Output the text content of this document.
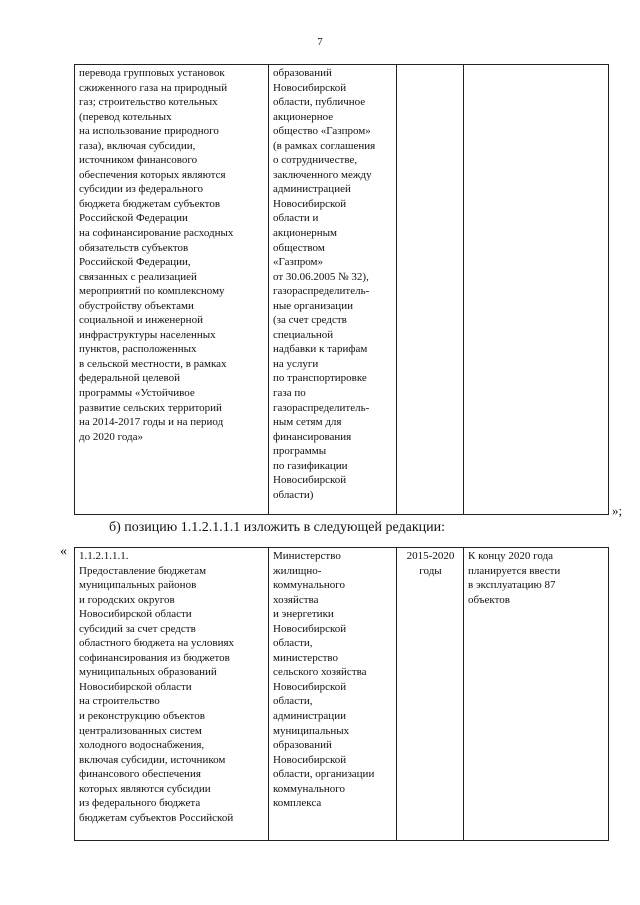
7
перевода групповых установок
сжиженного газа на природный
газ; строительство котельных
(перевод котельных
на использование природного
газа), включая субсидии,
источником финансового
обеспечения которых являются
субсидии из федерального
бюджета бюджетам субъектов
Российской Федерации
на софинансирование расходных
обязательств субъектов
Российской Федерации,
связанных с реализацией
мероприятий по комплексному
обустройству объектами
социальной и инженерной
инфраструктуры населенных
пунктов, расположенных
в сельской местности, в рамках
федеральной целевой
программы «Устойчивое
развитие сельских территорий
на 2014-2017 годы и на период
до 2020 года»	образований
Новосибирской
области, публичное
акционерное
общество «Газпром»
(в рамках соглашения
о сотрудничестве,
заключенного между
администрацией
Новосибирской
области и
акционерным
обществом
«Газпром»
от 30.06.2005 № 32),
газораспределитель-
ные организации
(за счет средств
специальной
надбавки к тарифам
на услуги
по транспортировке
газа по
газораспределитель-
ным сетям для
финансирования
программы
по газификации
Новосибирской
области)		
»;
б) позицию 1.1.2.1.1.1 изложить в следующей редакции:
« 1.1.2.1.1.1.
Предоставление бюджетам
муниципальных районов
и городских округов
Новосибирской области
субсидий за счет средств
областного бюджета на условиях
софинансирования из бюджетов
муниципальных образований
Новосибирской области
на строительство
и реконструкцию объектов
централизованных систем
холодного водоснабжения,
включая субсидии, источником
финансового обеспечения
которых являются субсидии
из федерального бюджета
бюджетам субъектов Российской	Министерство
жилищно-
коммунального
хозяйства
и энергетики
Новосибирской
области,
министерство
сельского хозяйства
Новосибирской
области,
администрации
муниципальных
образований
Новосибирской
области, организации
коммунального
комплекса	2015-2020
годы	К концу 2020 года
планируется ввести
в эксплуатацию 87
объектов
